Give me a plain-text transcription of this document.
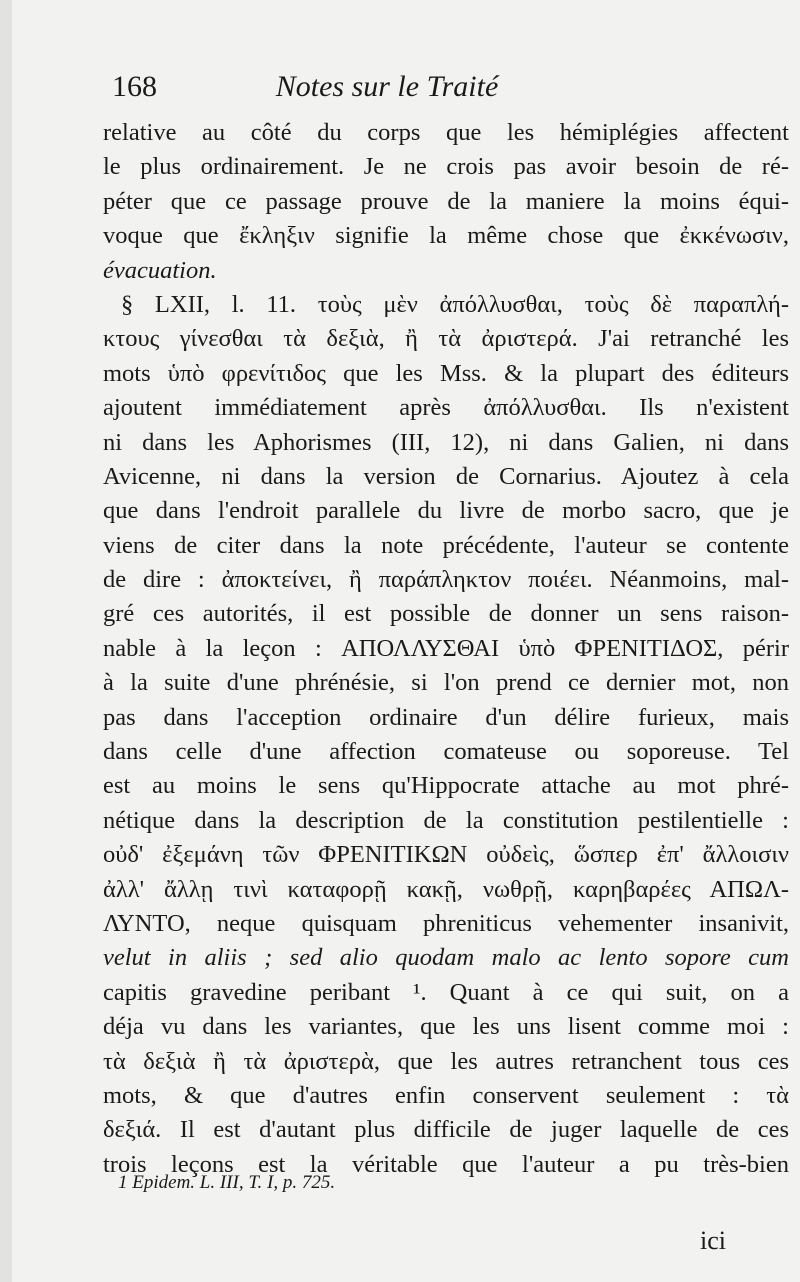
168	Notes sur le Traité
relative au côté du corps que les hémiplégies affectent
le plus ordinairement. Je ne crois pas avoir besoin de ré-
péter que ce passage prouve de la maniere la moins équi-
voque que ἔκληξιν signifie la même chose que ἐκκένωσιν,
évacuation.
§ LXII, l. 11. τοὺς μὲν ἀπόλλυσθαι, τοὺς δὲ παραπλή-
κτους γίνεσθαι τὰ δεξιὰ, ἢ τὰ ἀριστερά. J'ai retranché les
mots ὑπὸ φρενίτιδος que les Mss. & la plupart des éditeurs
ajoutent immédiatement après ἀπόλλυσθαι. Ils n'existent
ni dans les Aphorismes (III, 12), ni dans Galien, ni dans
Avicenne, ni dans la version de Cornarius. Ajoutez à cela
que dans l'endroit parallele du livre de morbo sacro, que je
viens de citer dans la note précédente, l'auteur se contente
de dire : ἀποκτείνει, ἢ παράπληκτον ποιέει. Néanmoins, mal-
gré ces autorités, il est possible de donner un sens raison-
nable à la leçon : ΑΠΟΛΛΥΣΘΑΙ ὑπὸ ΦΡΕΝΙΤΙΔΟΣ, périr
à la suite d'une phrénésie, si l'on prend ce dernier mot, non
pas dans l'acception ordinaire d'un délire furieux, mais
dans celle d'une affection comateuse ou soporeuse. Tel
est au moins le sens qu'Hippocrate attache au mot phré-
nétique dans la description de la constitution pestilentielle :
οὐδ' ἐξεμάνη τῶν ΦΡΕΝΙΤΙΚΩΝ οὐδεὶς, ὥσπερ ἐπ' ἄλλοισιν
ἀλλ' ἄλλῃ τινὶ καταφορῇ κακῇ, νωθρῇ, καρηβαρέες ΑΠΩΛ-
ΛΥΝΤΟ, neque quisquam phreniticus vehementer insanivit,
velut in aliis ; sed alio quodam malo ac lento sopore cum
capitis gravedine peribant ¹. Quant à ce qui suit, on a
déja vu dans les variantes, que les uns lisent comme moi :
τὰ δεξιὰ ἢ τὰ ἀριστερὰ, que les autres retranchent tous ces
mots, & que d'autres enfin conservent seulement : τὰ
δεξιά. Il est d'autant plus difficile de juger laquelle de ces
trois leçons est la véritable que l'auteur a pu très-bien
1 Epidem. L. III, T. I, p. 725.
ici
